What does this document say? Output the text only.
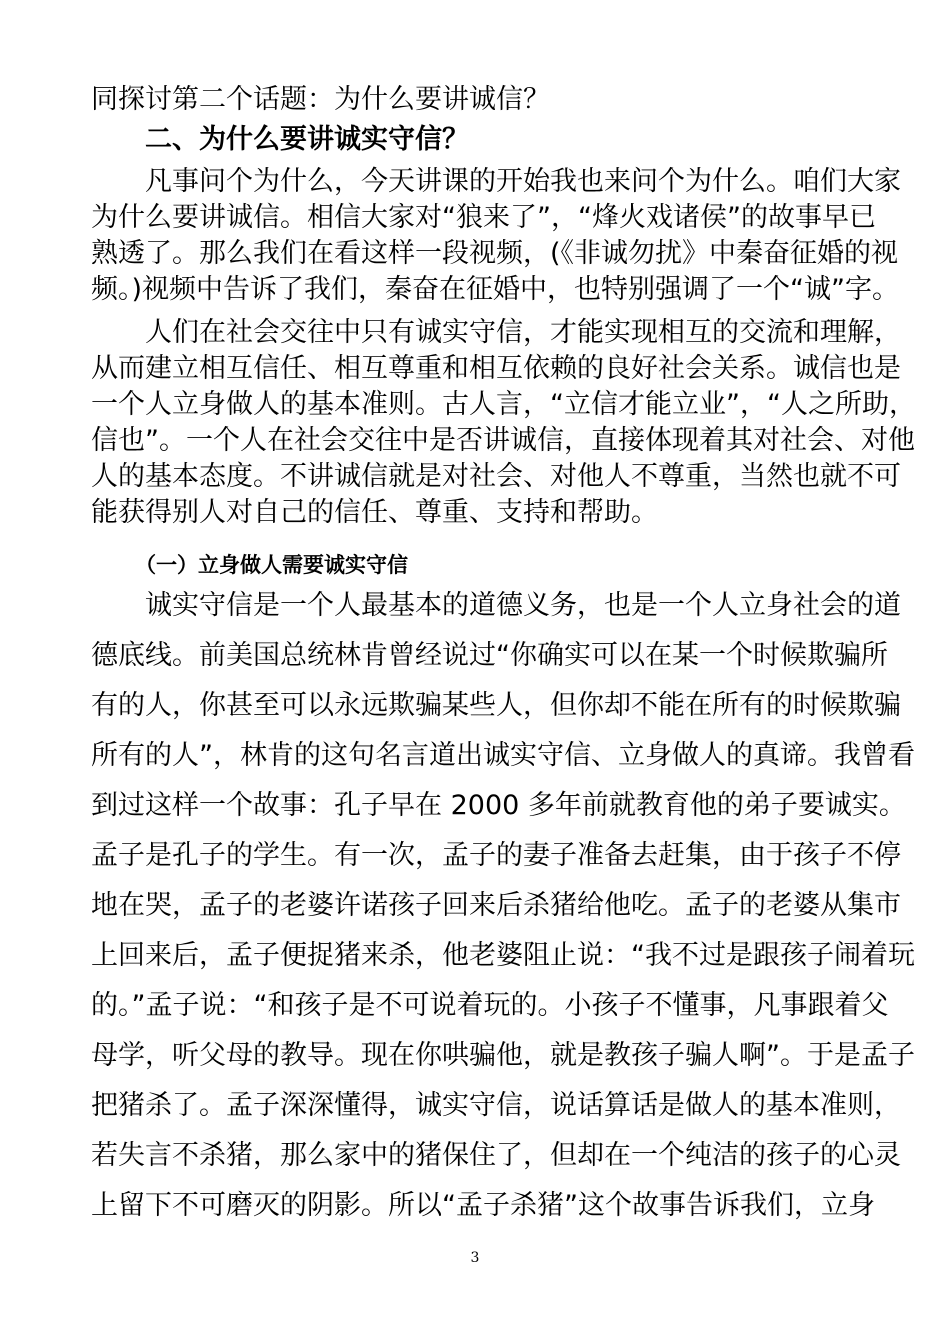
同探讨第二个话题：为什么要讲诚信？
二、为什么要讲诚实守信？
凡事问个为什么，今天讲课的开始我也来问个为什么。咱们大家
为什么要讲诚信。相信大家对“狼来了”，“烽火戏诸侯”的故事早已
熟透了。那么我们在看这样一段视频，(《非诚勿扰》中秦奋征婚的视
频。)视频中告诉了我们，秦奋在征婚中，也特别强调了一个“诚”字。
人们在社会交往中只有诚实守信，才能实现相互的交流和理解，
从而建立相互信任、相互尊重和相互依赖的良好社会关系。诚信也是
一个人立身做人的基本准则。古人言，“立信才能立业”，“人之所助，
信也”。一个人在社会交往中是否讲诚信，直接体现着其对社会、对他
人的基本态度。不讲诚信就是对社会、对他人不尊重，当然也就不可
能获得别人对自己的信任、尊重、支持和帮助。
（一）立身做人需要诚实守信
诚实守信是一个人最基本的道德义务，也是一个人立身社会的道
德底线。前美国总统林肯曾经说过“你确实可以在某一个时候欺骗所
有的人，你甚至可以永远欺骗某些人，但你却不能在所有的时候欺骗
所有的人”，林肯的这句名言道出诚实守信、立身做人的真谛。我曾看
到过这样一个故事：孔子早在 2000 多年前就教育他的弟子要诚实。
孟子是孔子的学生。有一次，孟子的妻子准备去赶集，由于孩子不停
地在哭，孟子的老婆许诺孩子回来后杀猪给他吃。孟子的老婆从集市
上回来后，孟子便捉猪来杀，他老婆阻止说：“我不过是跟孩子闹着玩
的。”孟子说：“和孩子是不可说着玩的。小孩子不懂事，凡事跟着父
母学，听父母的教导。现在你哄骗他，就是教孩子骗人啊”。于是孟子
把猪杀了。孟子深深懂得，诚实守信，说话算话是做人的基本准则，
若失言不杀猪，那么家中的猪保住了，但却在一个纯洁的孩子的心灵
上留下不可磨灭的阴影。所以“孟子杀猪”这个故事告诉我们，立身
3
